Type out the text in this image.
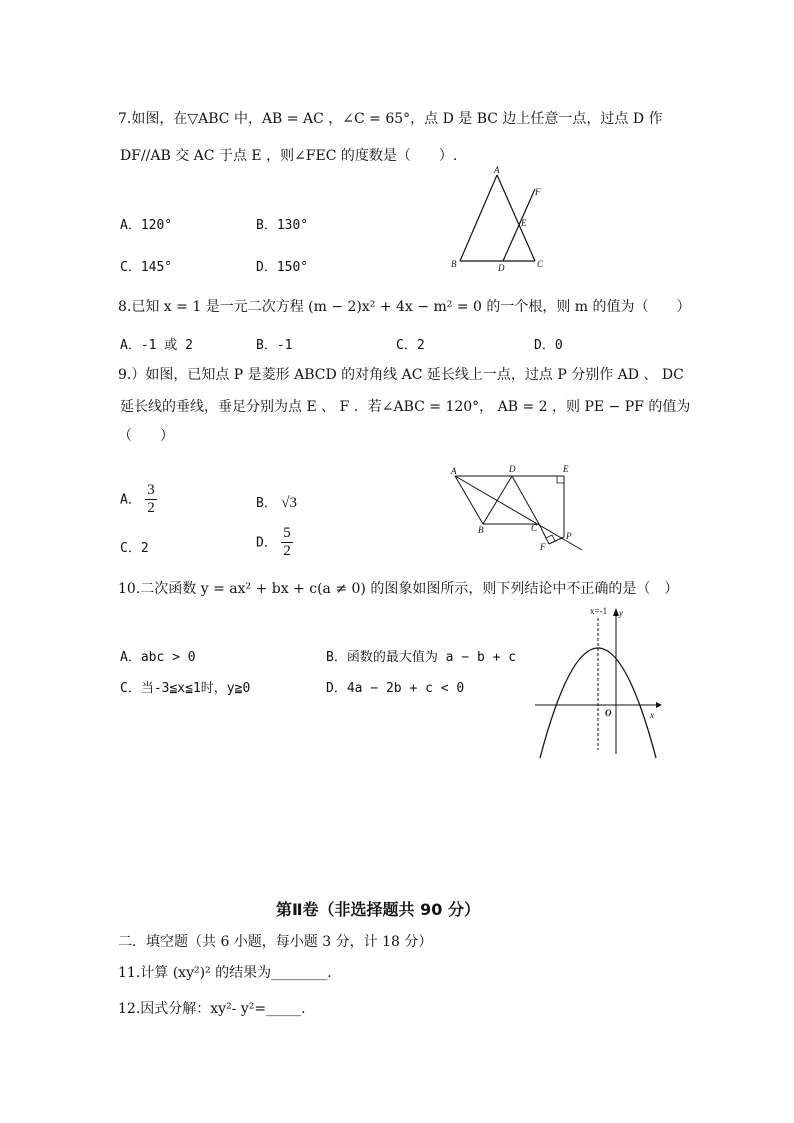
7.如图，在▽ABC 中，AB = AC ，∠C = 65°，点 D 是 BC 边上任意一点，过点 D 作
DF//AB 交 AC 于点 E ，则∠FEC 的度数是（　　）.
A．120°	B．130°
C．145°	D．150°
A
F
E
B	D	C
8.已知 x = 1 是一元二次方程 (m − 2)x² + 4x − m² = 0 的一个根，则 m 的值为（　　）
A．-1 或 2	B．-1	C．2	D．0
9.）如图，已知点 P 是菱形 ABCD 的对角线 AC 延长线上一点，过点 P 分别作 AD 、 DC
延长线的垂线，垂足分别为点 E 、 F ．若∠ABC = 120°， AB = 2 ，则 PE − PF 的值为
（　　）
A． $\frac{3}{2}$	B． √3
C．2	D． $\frac{5}{2}$
A	D	E
B	C
F
P
10.二次函数 y = ax² + bx + c(a ≠ 0) 的图象如图所示，则下列结论中不正确的是（　）
A．abc > 0	B．函数的最大值为 a − b + c
C．当-3≦x≦1时，y≧0	D．4a − 2b + c < 0
x=-1 y
O	x
第Ⅱ卷（非选择题共 90 分）
二．填空题（共 6 小题，每小题 3 分，计 18 分）
11.计算 (xy²)² 的结果为________.
12.因式分解：xy²- y²=_____.
